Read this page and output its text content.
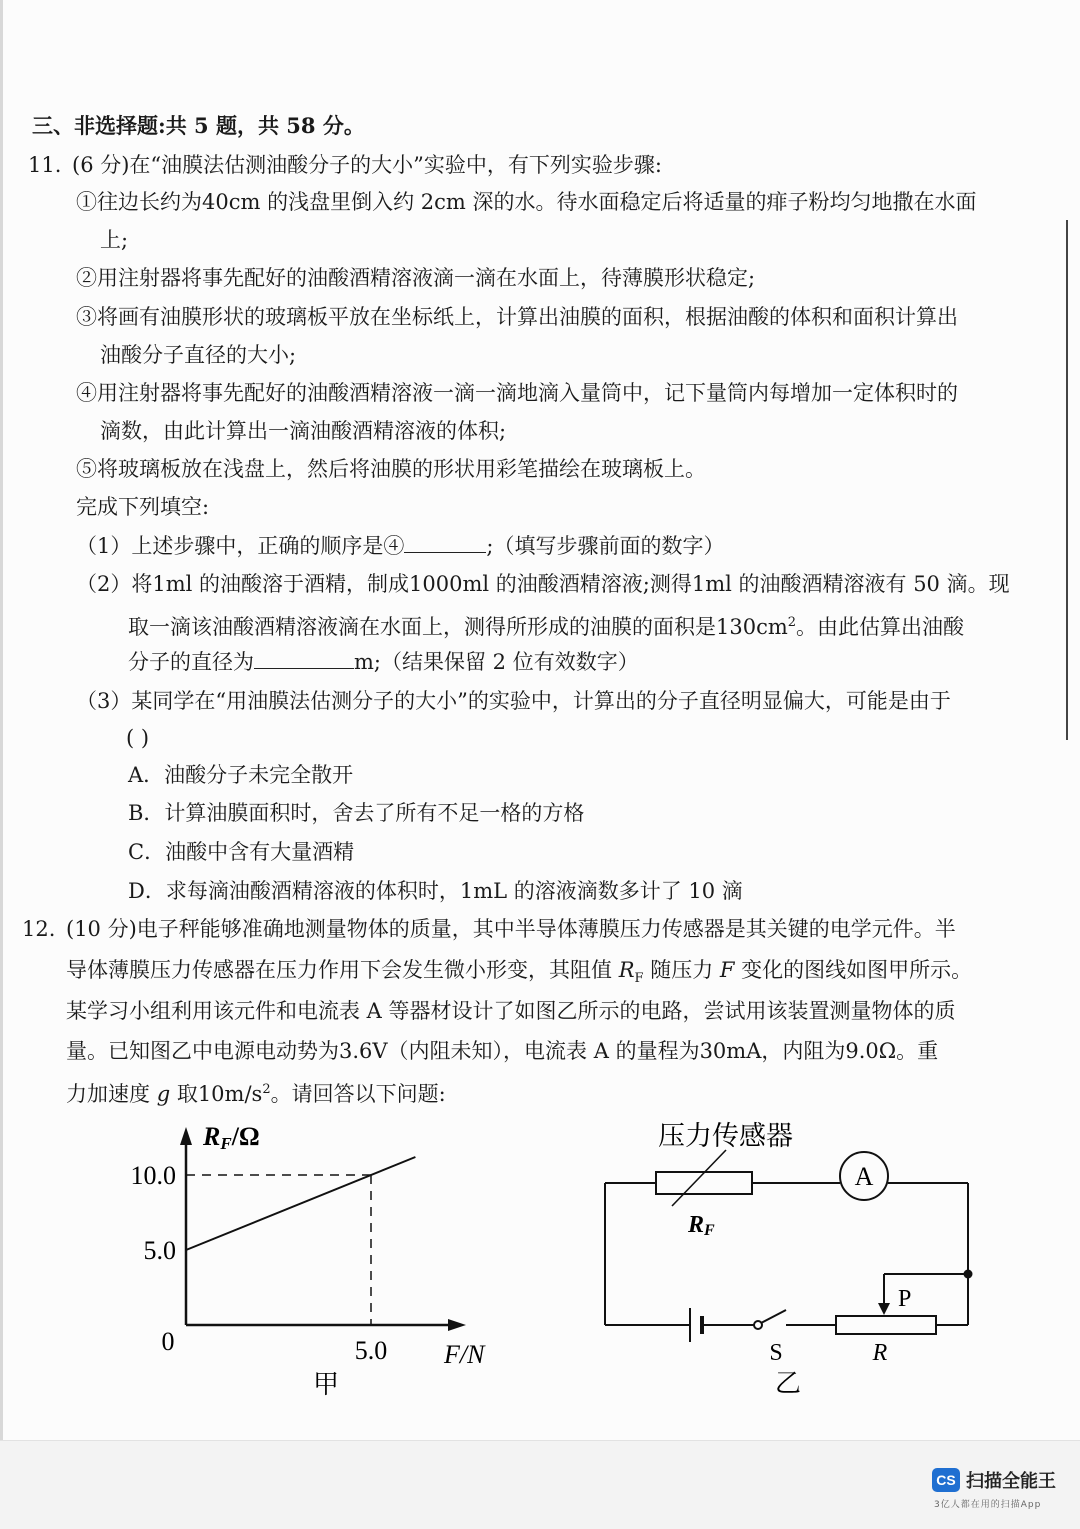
三、非选择题:共 5 题，共 58 分。
11. (6 分)在“油膜法估测油酸分子的大小”实验中，有下列实验步骤:
①往边长约为40cm 的浅盘里倒入约 2cm 深的水。待水面稳定后将适量的痱子粉均匀地撒在水面
上;
②用注射器将事先配好的油酸酒精溶液滴一滴在水面上，待薄膜形状稳定;
③将画有油膜形状的玻璃板平放在坐标纸上，计算出油膜的面积，根据油酸的体积和面积计算出
油酸分子直径的大小;
④用注射器将事先配好的油酸酒精溶液一滴一滴地滴入量筒中，记下量筒内每增加一定体积时的
滴数，由此计算出一滴油酸酒精溶液的体积;
⑤将玻璃板放在浅盘上，然后将油膜的形状用彩笔描绘在玻璃板上。
完成下列填空:
（1）上述步骤中，正确的顺序是④	;（填写步骤前面的数字）
（2）将1ml 的油酸溶于酒精，制成1000ml 的油酸酒精溶液;测得1ml 的油酸酒精溶液有 50 滴。现
取一滴该油酸酒精溶液滴在水面上，测得所形成的油膜的面积是$130cm^2$。由此估算出油酸
分子的直径为	m;（结果保留 2 位有效数字）
（3）某同学在“用油膜法估测分子的大小”的实验中，计算出的分子直径明显偏大，可能是由于
( )
A．油酸分子未完全散开
B．计算油膜面积时，舍去了所有不足一格的方格
C．油酸中含有大量酒精
D．求每滴油酸酒精溶液的体积时，1mL 的溶液滴数多计了 10 滴
12. (10 分)电子秤能够准确地测量物体的质量，其中半导体薄膜压力传感器是其关键的电学元件。半
导体薄膜压力传感器在压力作用下会发生微小形变，其阻值 $R_F$ 随压力 F 变化的图线如图甲所示。
某学习小组利用该元件和电流表 A 等器材设计了如图乙所示的电路，尝试用该装置测量物体的质
量。已知图乙中电源电动势为3.6V（内阻未知），电流表 A 的量程为30mA，内阻为9.0Ω。重
力加速度 g 取$10m/s^2$。请回答以下问题:
RF/Ω
10.0
5.0
0	5.0 F/N
甲
压力传感器
A
RF
P
S	R
乙
CS 扫描全能王
3亿人都在用的扫描App
